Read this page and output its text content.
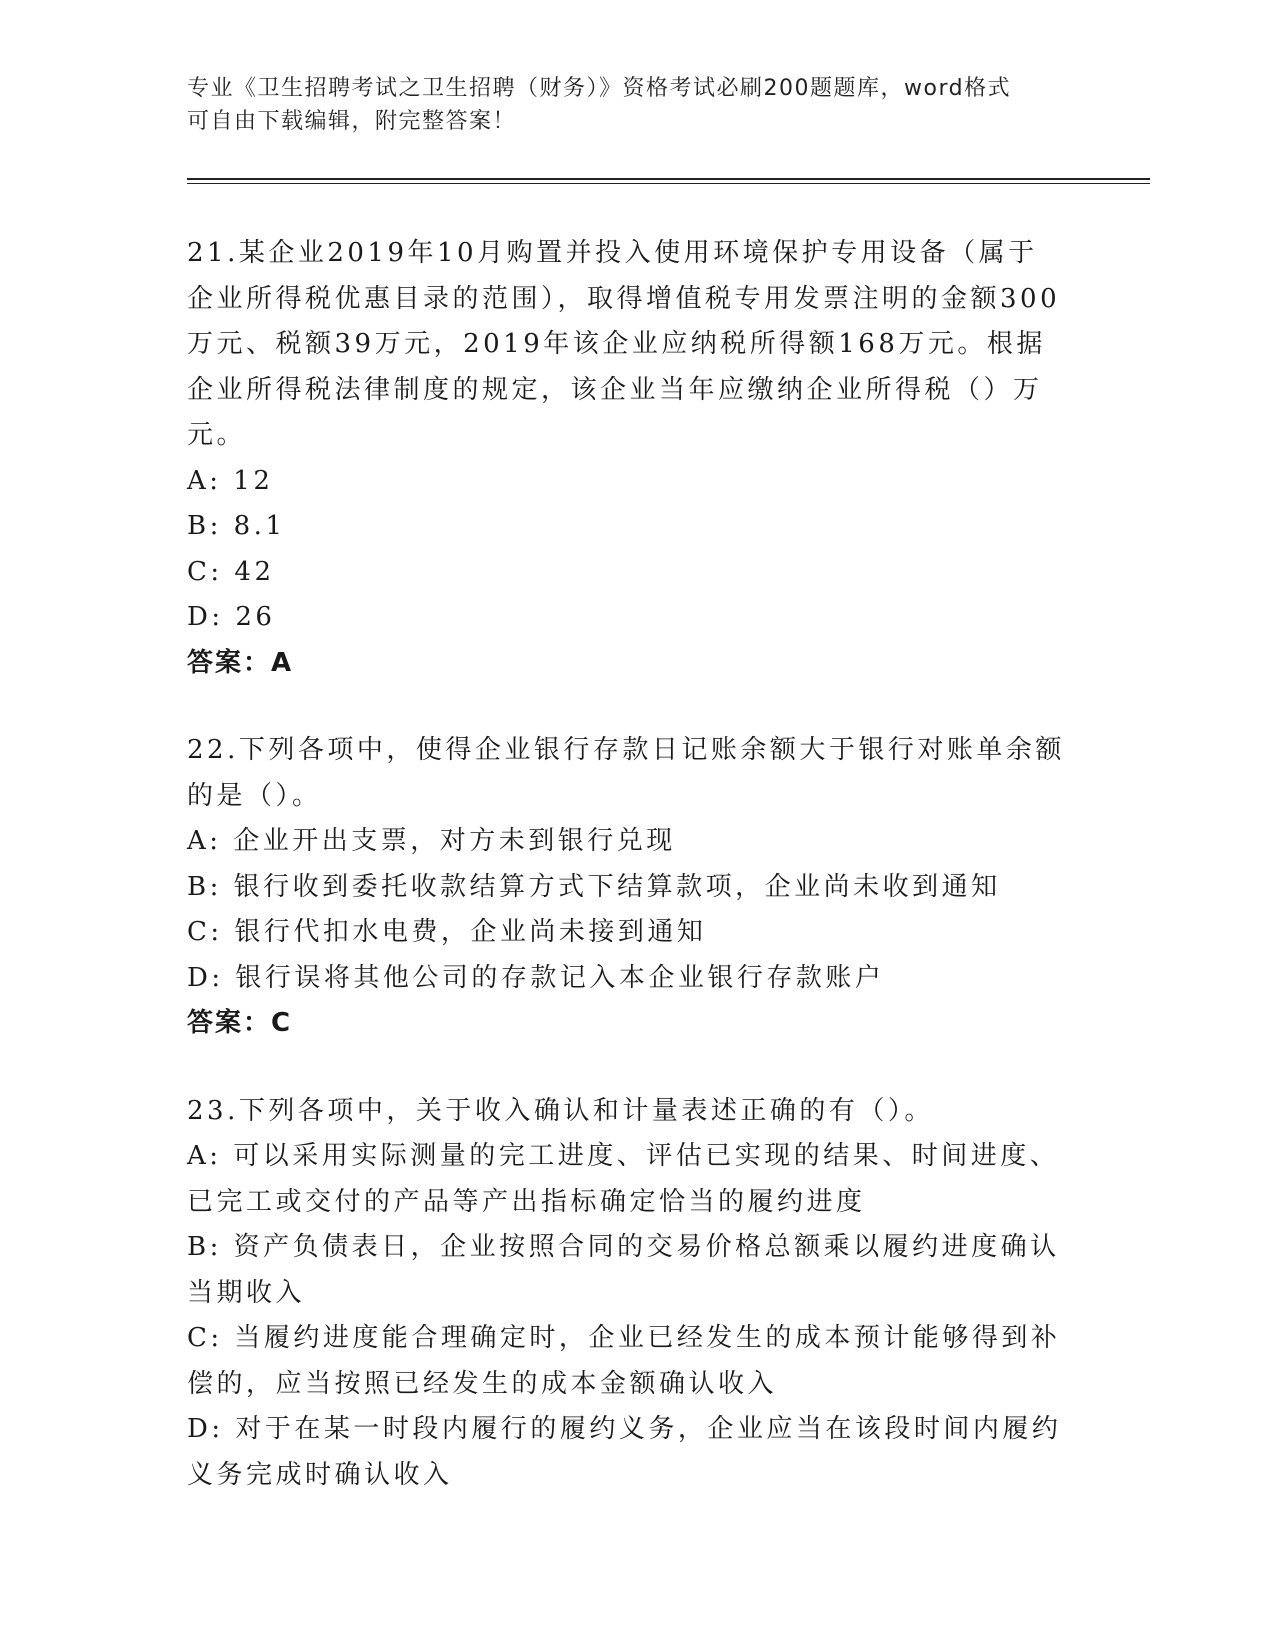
专业《卫生招聘考试之卫生招聘（财务）》资格考试必刷200题题库，word格式
可自由下载编辑，附完整答案！

21.某企业2019年10月购置并投入使用环境保护专用设备（属于企业所得税优惠目录的范围），取得增值税专用发票注明的金额300万元、税额39万元，2019年该企业应纳税所得额168万元。根据企业所得税法律制度的规定，该企业当年应缴纳企业所得税（）万元。

A: 12

B: 8.1

C: 42

D: 26

答案：A

22.下列各项中，使得企业银行存款日记账余额大于银行对账单余额的是（）。

A: 企业开出支票，对方未到银行兑现

B: 银行收到委托收款结算方式下结算款项，企业尚未收到通知

C: 银行代扣水电费，企业尚未接到通知

D: 银行误将其他公司的存款记入本企业银行存款账户

答案：C

23.下列各项中，关于收入确认和计量表述正确的有（）。

A: 可以采用实际测量的完工进度、评估已实现的结果、时间进度、已完工或交付的产品等产出指标确定恰当的履约进度

B: 资产负债表日，企业按照合同的交易价格总额乘以履约进度确认当期收入

C: 当履约进度能合理确定时，企业已经发生的成本预计能够得到补偿的，应当按照已经发生的成本金额确认收入

D: 对于在某一时段内履行的履约义务，企业应当在该段时间内履约义务完成时确认收入
